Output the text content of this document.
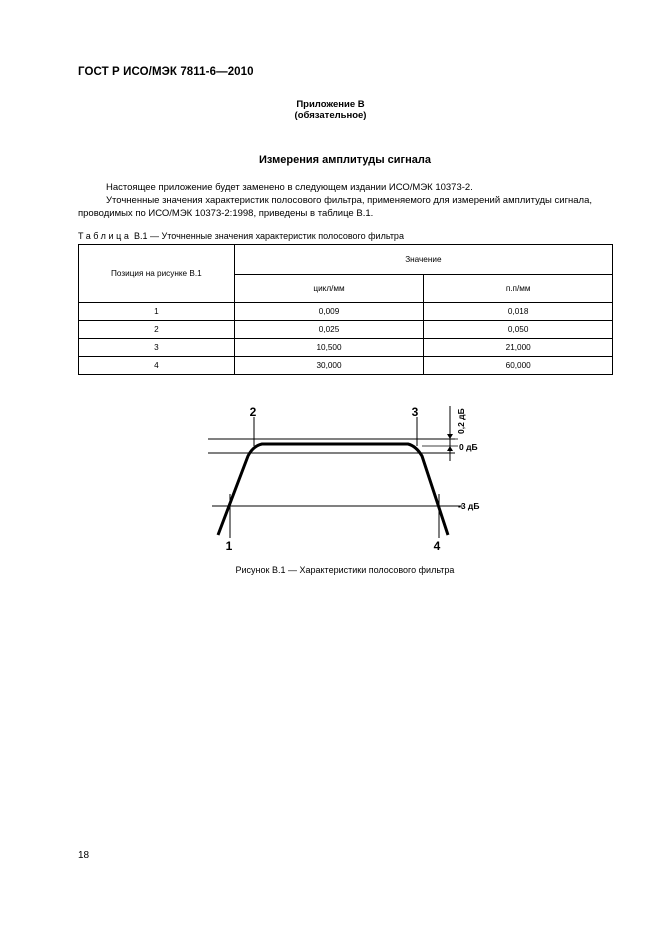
ГОСТ Р ИСО/МЭК 7811-6—2010
Приложение В
(обязательное)
Измерения амплитуды сигнала
Настоящее приложение будет заменено в следующем издании ИСО/МЭК 10373-2.
Уточненные значения характеристик полосового фильтра, применяемого для измерений амплитуды сигнала,
проводимых по ИСО/МЭК 10373-2:1998, приведены в таблице В.1.
Таблица В.1 — Уточненные значения характеристик полосового фильтра
Позиция на рисунке В.1	Значение	
	цикл/мм	п.п/мм
1	0,009	0,018
2	0,025	0,050
3	10,500	21,000
4	30,000	60,000
2	3
1	4
0,2 дБ
0 дБ
-3 дБ
Рисунок В.1 — Характеристики полосового фильтра
18
